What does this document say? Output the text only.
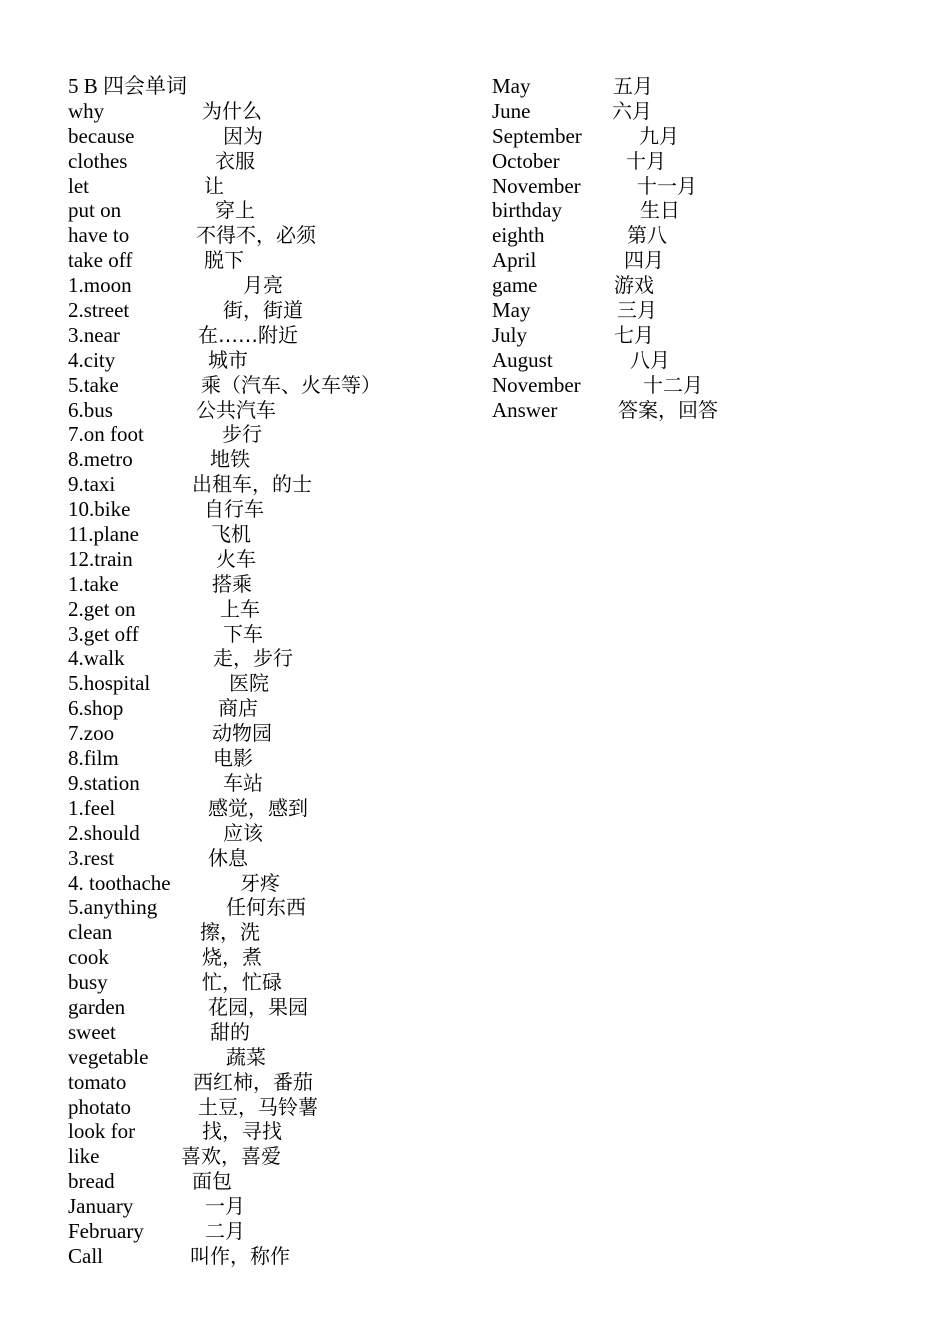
5 B 四会单词
why	为什么
because	因为
clothes	衣服
let	让
put on	穿上
have to	不得不，必须
take off	脱下
1.moon	月亮
2.street	街，街道
3.near	在……附近
4.city	城市
5.take	乘（汽车、火车等）
6.bus	公共汽车
7.on foot	步行
8.metro	地铁
9.taxi	出租车，的士
10.bike	自行车
11.plane	飞机
12.train	火车
1.take	搭乘
2.get on	上车
3.get off	下车
4.walk	走，步行
5.hospital	医院
6.shop	商店
7.zoo	动物园
8.film	电影
9.station	车站
1.feel	感觉，感到
2.should	应该
3.rest	休息
4. toothache	牙疼
5.anything	任何东西
clean	擦，洗
cook	烧，煮
busy	忙，忙碌
garden	花园，果园
sweet	甜的
vegetable	蔬菜
tomato	西红柿，番茄
photato	土豆，马铃薯
look for	找，寻找
like	喜欢，喜爱
bread	面包
January	一月
February	二月
Call	叫作，称作
May	五月
June	六月
September	九月
October	十月
November	十一月
birthday	生日
eighth	第八
April	四月
game	游戏
May	三月
July	七月
August	八月
November	十二月
Answer	答案，回答
